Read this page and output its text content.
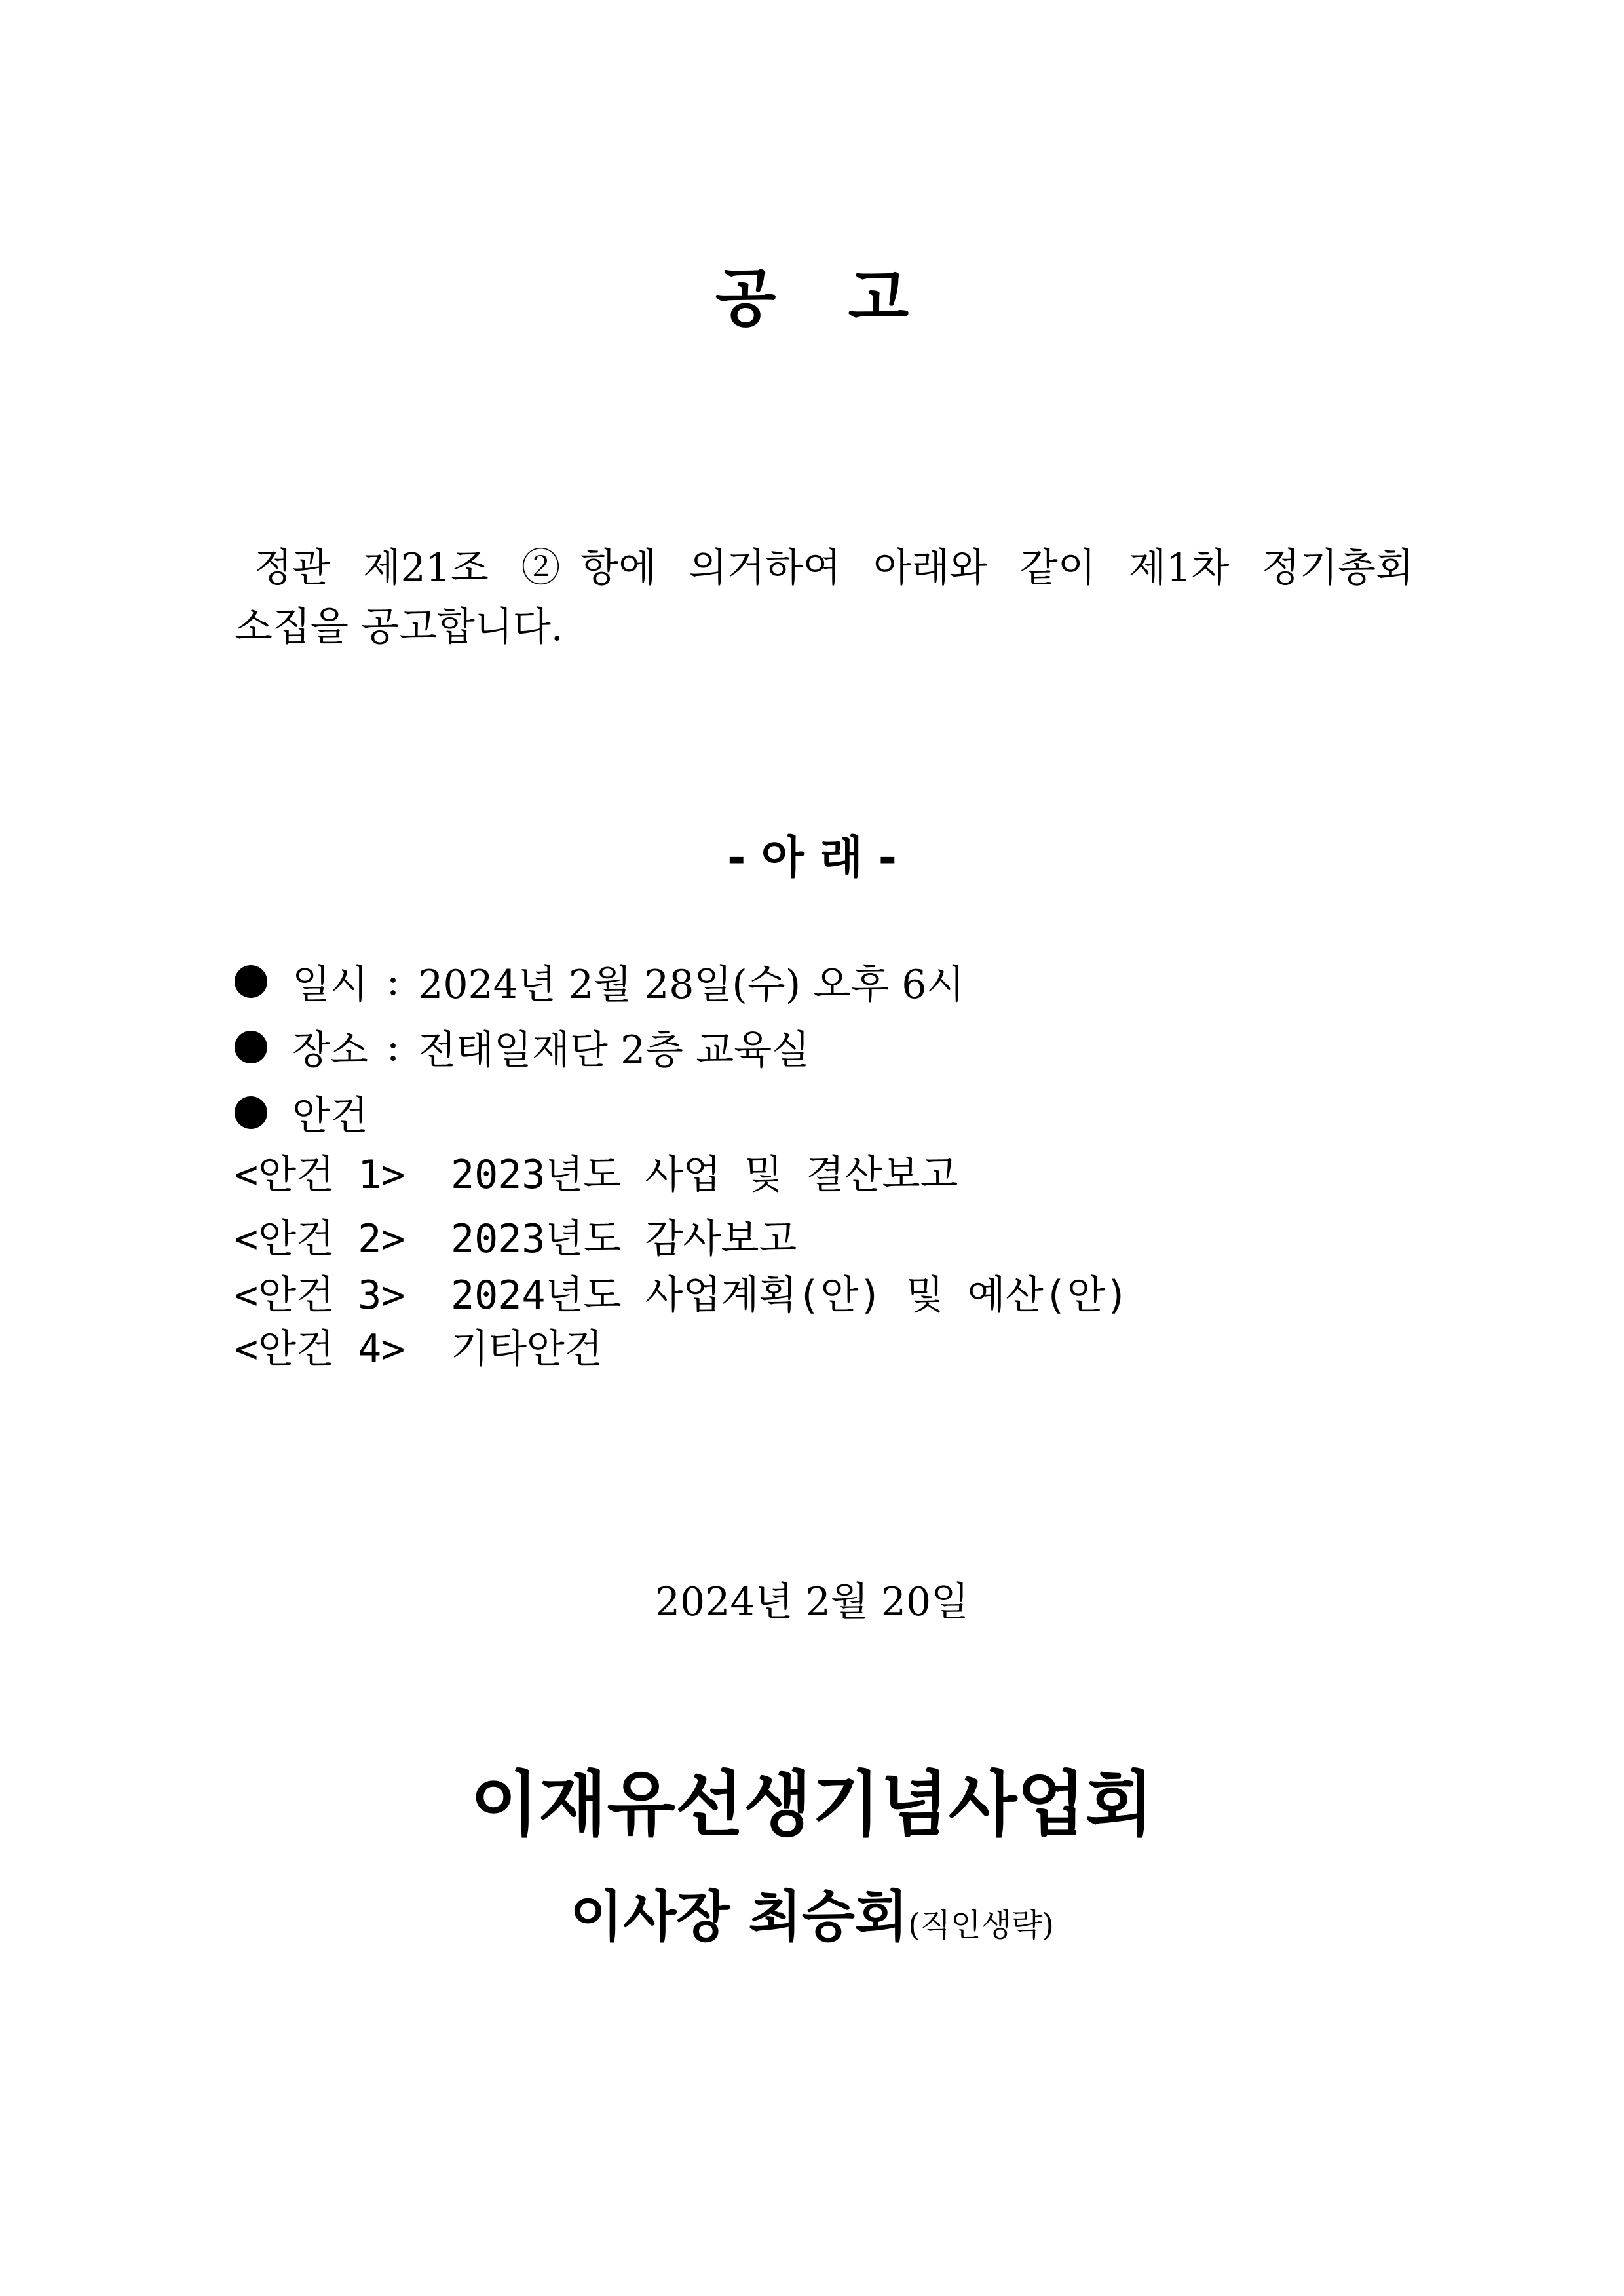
공 고
정관 제21조 ②항에 의거하여 아래와 같이 제1차 정기총회
소집을 공고합니다.
- 아 래 -
일시 : 2024년 2월 28일(수) 오후 6시
장소 : 전태일재단 2층 교육실
안건
<안건 1> 2023년도 사업 및 결산보고
<안건 2> 2023년도 감사보고
<안건 3> 2024년도 사업계획(안) 및 예산(안)
<안건 4> 기타안건
2024년 2월 20일
이재유선생기념사업회
이사장 최승회(직인생략)
